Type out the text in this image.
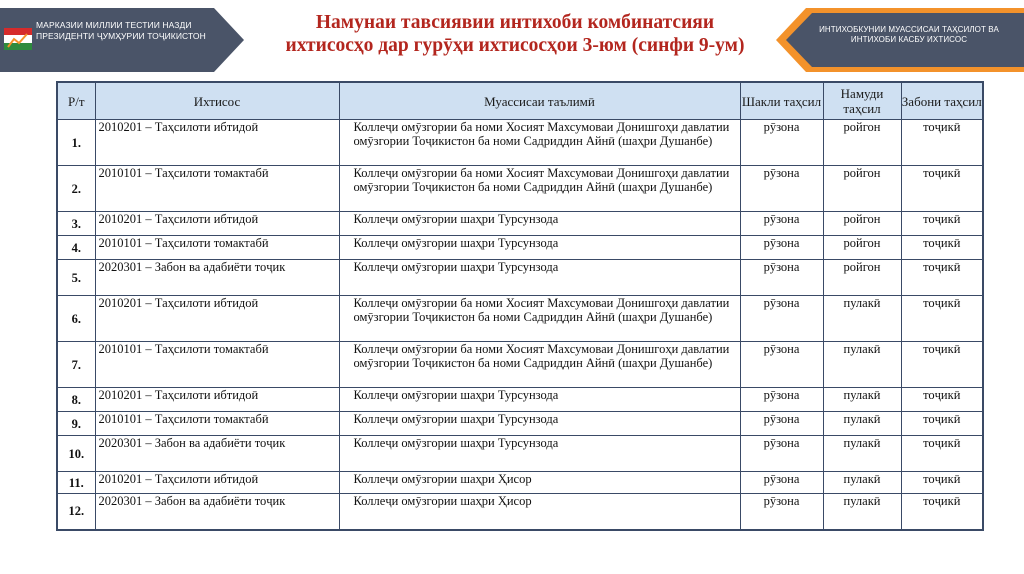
МАРКАЗИИ МИЛЛИИ ТЕСТИИ НАЗДИ ПРЕЗИДЕНТИ ҶУМҲУРИИ ТОҶИКИСТОН
ИНТИХОБКУНИИ МУАССИСАИ ТАҲСИЛОТ ВА ИНТИХОБИ КАСБУ ИХТИСОС
Намунаи тавсиявии интихоби комбинатсияи
ихтисосҳо дар гурӯҳи ихтисосҳои 3-юм (синфи 9-ум)
Р/т	Ихтисос	Муассисаи таълимӣ	Шакли таҳсил	Намуди таҳсил	Забони таҳсил
1.	2010201 – Таҳсилоти ибтидоӣ	Коллеҷи омӯзгории ба номи Хосият Махсумоваи Донишгоҳи давлатии омӯзгории Тоҷикистон ба номи Садриддин Айнӣ (шаҳри Душанбе)	рӯзона	ройгон	тоҷикӣ
2.	2010101 – Таҳсилоти томактабӣ	Коллеҷи омӯзгории ба номи Хосият Махсумоваи Донишгоҳи давлатии омӯзгории Тоҷикистон ба номи Садриддин Айнӣ (шаҳри Душанбе)	рӯзона	ройгон	тоҷикӣ
3.	2010201 – Таҳсилоти ибтидоӣ	Коллеҷи омӯзгории шаҳри Турсунзода	рӯзона	ройгон	тоҷикӣ
4.	2010101 – Таҳсилоти томактабӣ	Коллеҷи омӯзгории шаҳри Турсунзода	рӯзона	ройгон	тоҷикӣ
5.	2020301 – Забон ва адабиёти тоҷик	Коллеҷи омӯзгории шаҳри Турсунзода	рӯзона	ройгон	тоҷикӣ
6.	2010201 – Таҳсилоти ибтидоӣ	Коллеҷи омӯзгории ба номи Хосият Махсумоваи Донишгоҳи давлатии омӯзгории Тоҷикистон ба номи Садриддин Айнӣ (шаҳри Душанбе)	рӯзона	пулакӣ	тоҷикӣ
7.	2010101 – Таҳсилоти томактабӣ	Коллеҷи омӯзгории ба номи Хосият Махсумоваи Донишгоҳи давлатии омӯзгории Тоҷикистон ба номи Садриддин Айнӣ (шаҳри Душанбе)	рӯзона	пулакӣ	тоҷикӣ
8.	2010201 – Таҳсилоти ибтидоӣ	Коллеҷи омӯзгории шаҳри Турсунзода	рӯзона	пулакӣ	тоҷикӣ
9.	2010101 – Таҳсилоти томактабӣ	Коллеҷи омӯзгории шаҳри Турсунзода	рӯзона	пулакӣ	тоҷикӣ
10.	2020301 – Забон ва адабиёти тоҷик	Коллеҷи омӯзгории шаҳри Турсунзода	рӯзона	пулакӣ	тоҷикӣ
11.	2010201 – Таҳсилоти ибтидоӣ	Коллеҷи омӯзгории шаҳри Ҳисор	рӯзона	пулакӣ	тоҷикӣ
12.	2020301 – Забон ва адабиёти тоҷик	Коллеҷи омӯзгории шаҳри Ҳисор	рӯзона	пулакӣ	тоҷикӣ
